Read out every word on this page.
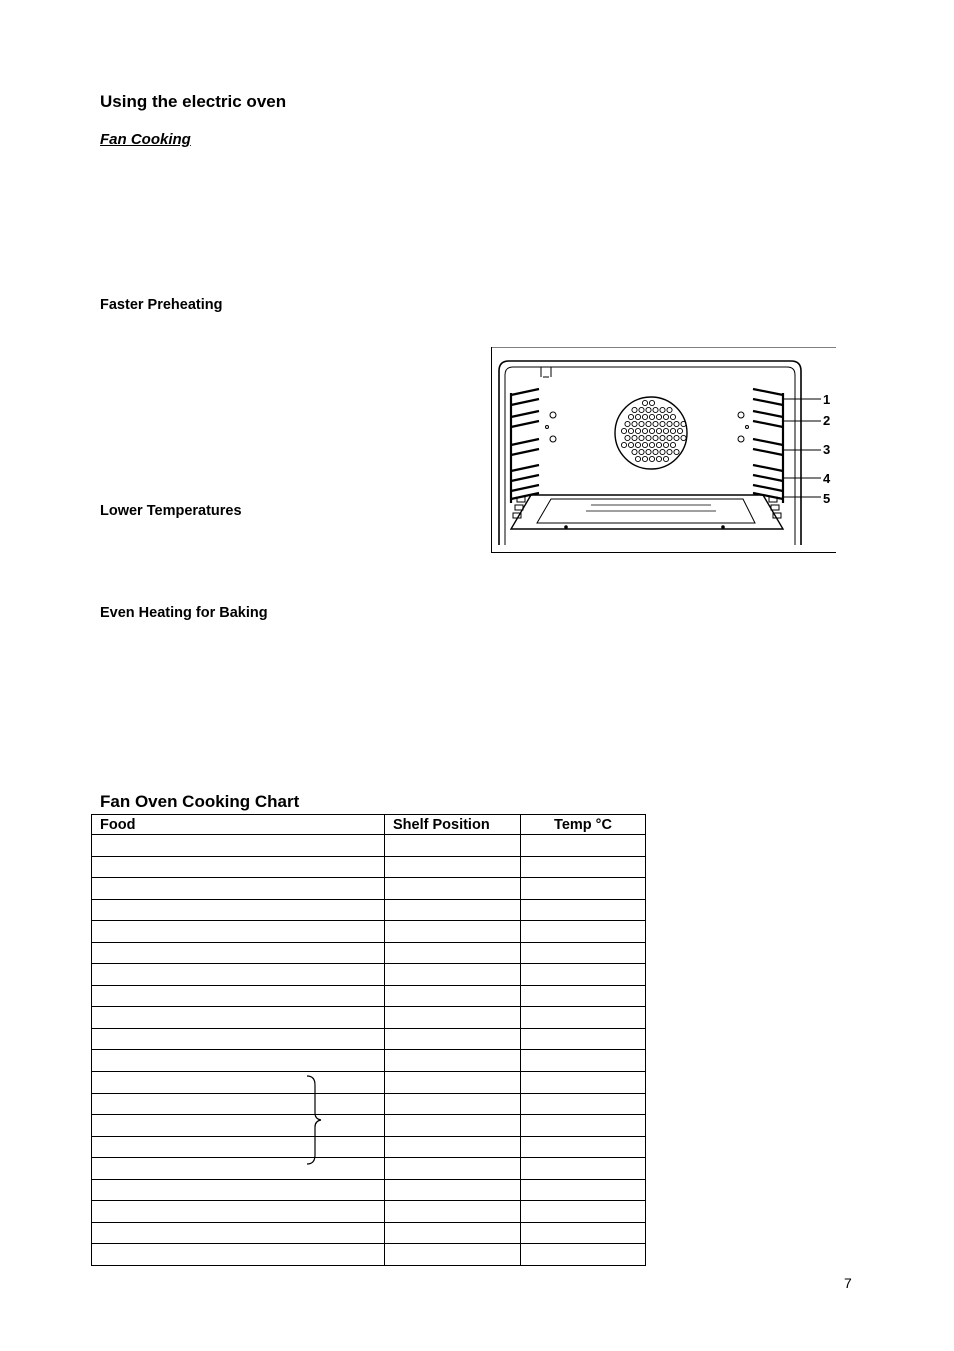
Using the electric oven
Fan Cooking
Faster Preheating
Lower Temperatures
Even Heating for Baking
1
2
3
4
5
Fan Oven Cooking Chart
Food	Shelf Position	Temp °C

7
